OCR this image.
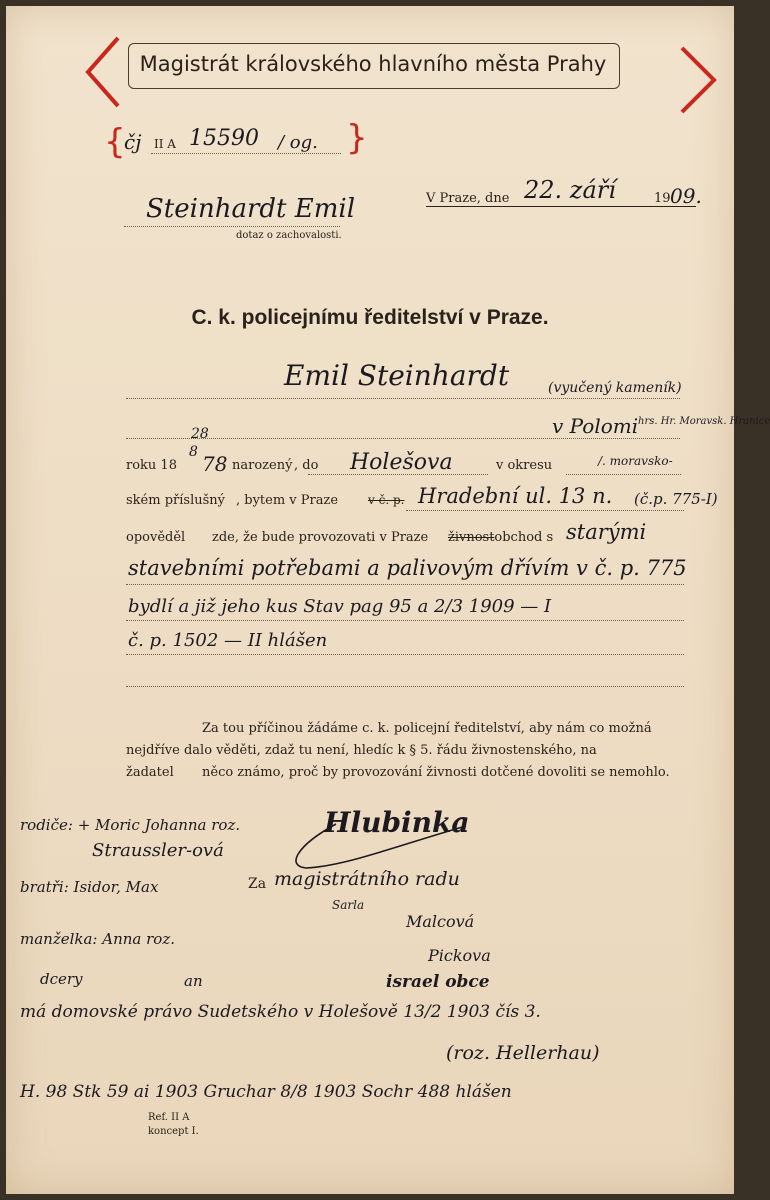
Magistrát královského hlavního města Prahy
{	}
čj II A 15590 / og.
Steinhardt Emil
dotaz o zachovalosti.
V Praze, dne 22. září	19 09.
C. k. policejnímu ředitelství v Praze.
Emil Steinhardt	(vyučený kameník)
v Polomi hrs. Hr. Moravsk. Hranice
roku 18
28
8 78 narozený , do Holešova	v okresu	/. moravsko-
ském příslušný , bytem v Praze v č. p. Hradební ul. 13 n. (č.p. 775-I)
opověděl zde, že bude provozovati v Praze živnost
-obchod s starými
stavebními potřebami a palivovým dřívím v č. p. 775
bydlí a již jeho kus Stav pag 95 a 2/3 1909 — I
č. p. 1502 — II hlášen
Za tou příčinou žádáme c. k. policejní ředitelství, aby nám co možná
nejdříve dalo věděti, zdaž tu není, hledíc k § 5. řádu živnostenského, na
žadatel něco známo, proč by provozování živnosti dotčené dovoliti se nemohlo.
Hlubinka
Za magistrátního radu
rodiče: + Moric Johanna roz.
Straussler-ová
bratři: Isidor, Max
manželka: Anna roz.
Sarla
Malcová
Pickova
dcery	an	israel obce
má domovské právo Sudetského v Holešově 13/2 1903 čís 3.
(roz. Hellerhau)
H. 98 Stk 59 ai 1903 Gruchar 8/8 1903 Sochr 488 hlášen
Ref. II A
koncept I.
